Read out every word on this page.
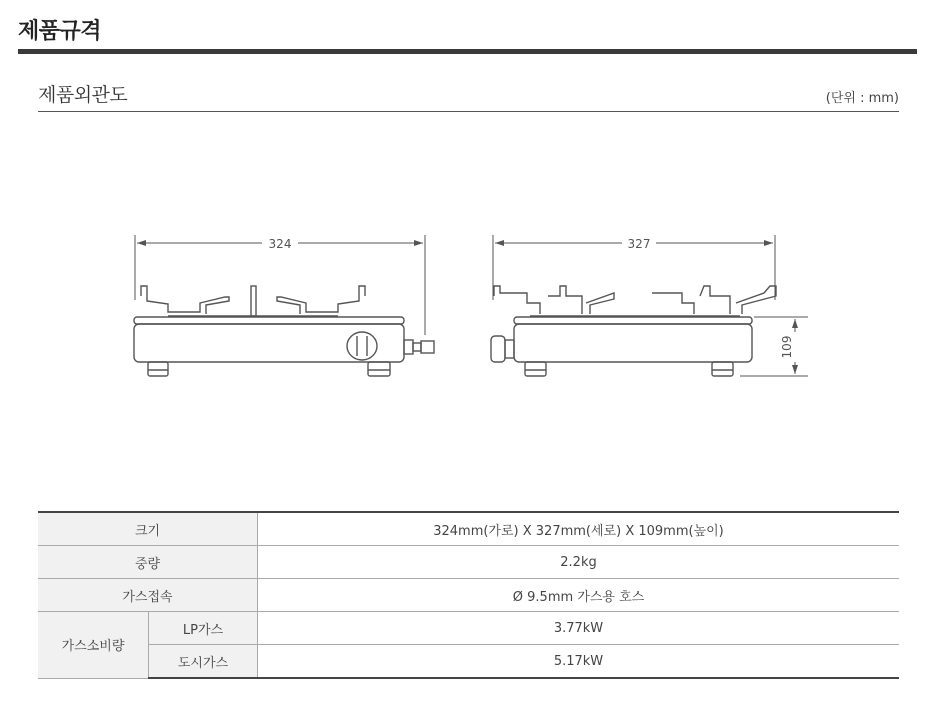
제품규격
제품외관도	(단위 : mm)
324	327
109
크기		324mm(가로) X 327mm(세로) X 109mm(높이)
중량		2.2kg
가스접속		Ø 9.5mm 가스용 호스
가스소비량	LP가스	3.77kW
	도시가스	5.17kW
